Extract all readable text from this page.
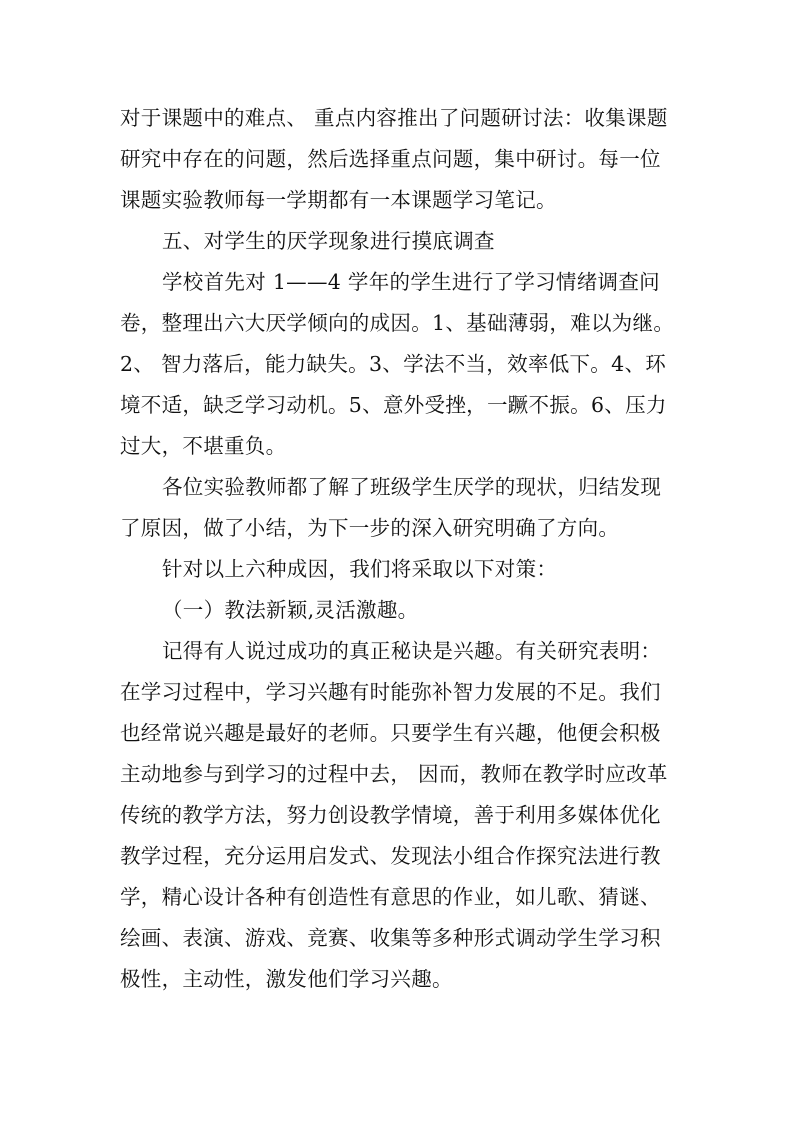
对于课题中的难点、 重点内容推出了问题研讨法：收集课题
研究中存在的问题，然后选择重点问题，集中研讨。每一位
课题实验教师每一学期都有一本课题学习笔记。
五、对学生的厌学现象进行摸底调查
学校首先对 1——4 学年的学生进行了学习情绪调查问
卷，整理出六大厌学倾向的成因。1、基础薄弱，难以为继。
2、 智力落后，能力缺失。3、学法不当，效率低下。4、环
境不适，缺乏学习动机。5、意外受挫，一蹶不振。6、压力
过大，不堪重负。
各位实验教师都了解了班级学生厌学的现状，归结发现
了原因，做了小结，为下一步的深入研究明确了方向。
针对以上六种成因，我们将采取以下对策：
（一）教法新颖,灵活激趣。
记得有人说过成功的真正秘诀是兴趣。有关研究表明：
在学习过程中，学习兴趣有时能弥补智力发展的不足。我们
也经常说兴趣是最好的老师。只要学生有兴趣，他便会积极
主动地参与到学习的过程中去， 因而，教师在教学时应改革
传统的教学方法，努力创设教学情境，善于利用多媒体优化
教学过程，充分运用启发式、发现法小组合作探究法进行教
学，精心设计各种有创造性有意思的作业，如儿歌、猜谜、
绘画、表演、游戏、竞赛、收集等多种形式调动学生学习积
极性，主动性，激发他们学习兴趣。
